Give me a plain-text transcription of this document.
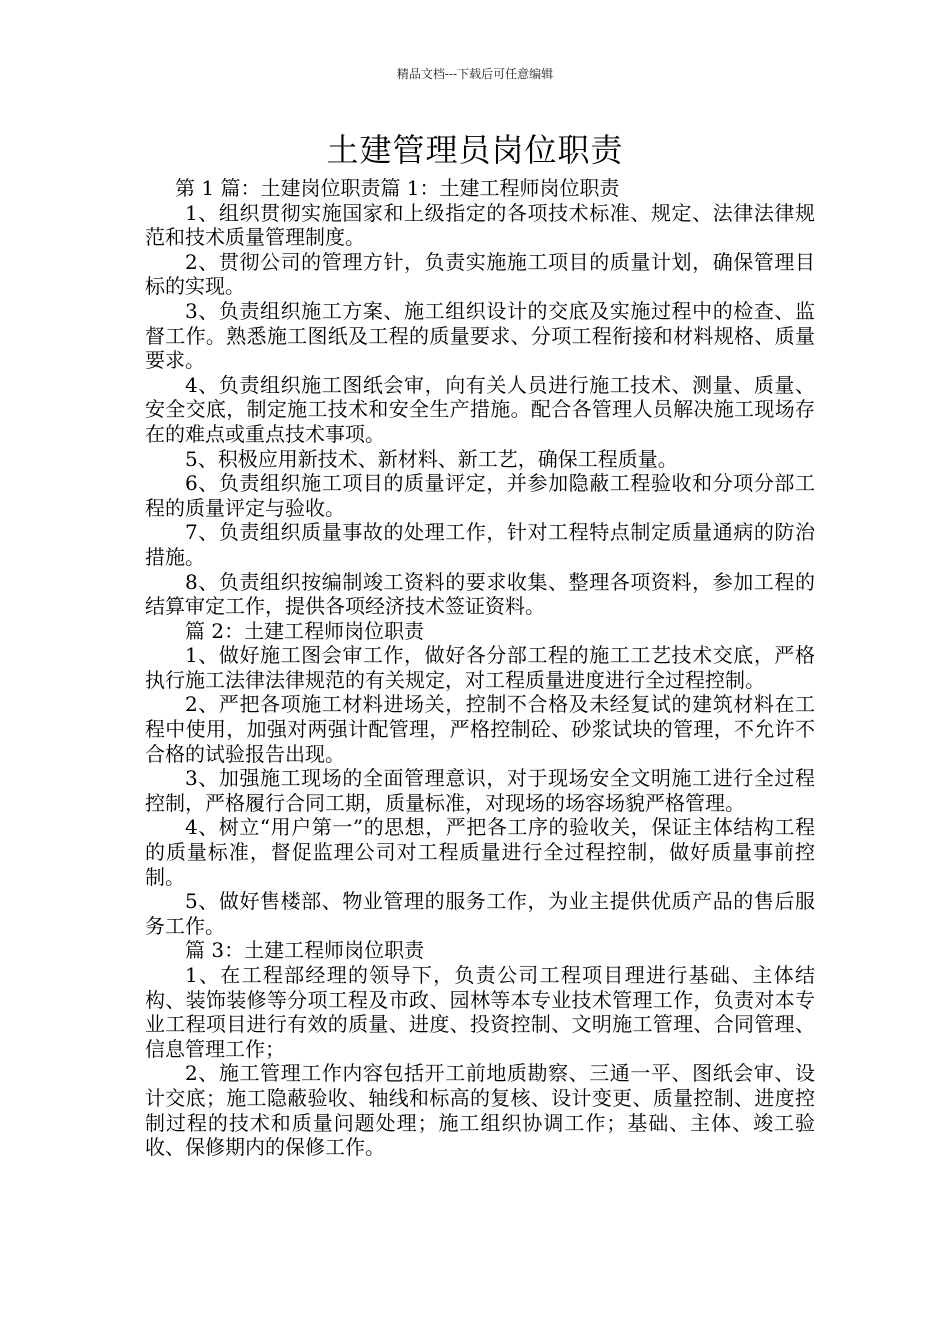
精品文档---下载后可任意编辑
土建管理员岗位职责

第 1 篇：土建岗位职责篇 1：土建工程师岗位职责

1、组织贯彻实施国家和上级指定的各项技术标准、规定、法律法律规范和技术质量管理制度。

2、贯彻公司的管理方针，负责实施施工项目的质量计划，确保管理目标的实现。

3、负责组织施工方案、施工组织设计的交底及实施过程中的检查、监督工作。熟悉施工图纸及工程的质量要求、分项工程衔接和材料规格、质量要求。

4、负责组织施工图纸会审，向有关人员进行施工技术、测量、质量、安全交底，制定施工技术和安全生产措施。配合各管理人员解决施工现场存在的难点或重点技术事项。

5、积极应用新技术、新材料、新工艺，确保工程质量。

6、负责组织施工项目的质量评定，并参加隐蔽工程验收和分项分部工程的质量评定与验收。

7、负责组织质量事故的处理工作，针对工程特点制定质量通病的防治措施。

8、负责组织按编制竣工资料的要求收集、整理各项资料，参加工程的结算审定工作，提供各项经济技术签证资料。

篇 2：土建工程师岗位职责

1、做好施工图会审工作，做好各分部工程的施工工艺技术交底，严格执行施工法律法律规范的有关规定，对工程质量进度进行全过程控制。

2、严把各项施工材料进场关，控制不合格及未经复试的建筑材料在工程中使用，加强对两强计配管理，严格控制砼、砂浆试块的管理，不允许不合格的试验报告出现。

3、加强施工现场的全面管理意识，对于现场安全文明施工进行全过程控制，严格履行合同工期，质量标准，对现场的场容场貌严格管理。

4、树立“用户第一”的思想，严把各工序的验收关，保证主体结构工程的质量标准，督促监理公司对工程质量进行全过程控制，做好质量事前控制。

5、做好售楼部、物业管理的服务工作，为业主提供优质产品的售后服务工作。

篇 3：土建工程师岗位职责

1、在工程部经理的领导下，负责公司工程项目理进行基础、主体结构、装饰装修等分项工程及市政、园林等本专业技术管理工作，负责对本专业工程项目进行有效的质量、进度、投资控制、文明施工管理、合同管理、信息管理工作；

2、施工管理工作内容包括开工前地质勘察、三通一平、图纸会审、设计交底；施工隐蔽验收、轴线和标高的复核、设计变更、质量控制、进度控制过程的技术和质量问题处理；施工组织协调工作；基础、主体、竣工验收、保修期内的保修工作。
